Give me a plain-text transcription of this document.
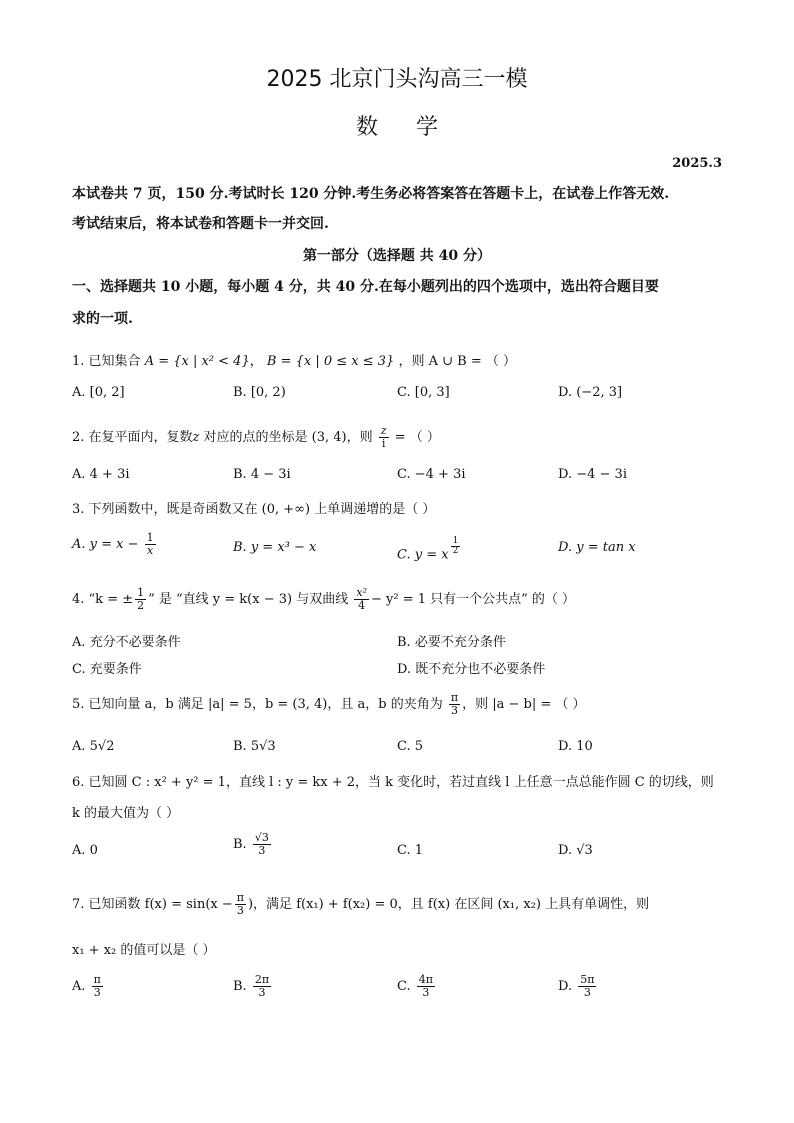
2025 北京门头沟高三一模
数学
2025.3
本试卷共 7 页，150 分.考试时长 120 分钟.考生务必将答案答在答题卡上，在试卷上作答无效.
考试结束后，将本试卷和答题卡一并交回.
第一部分（选择题 共 40 分）
一、选择题共 10 小题，每小题 4 分，共 40 分.在每小题列出的四个选项中，选出符合题目要
求的一项.
1. 已知集合 A = {x | x² < 4}， B = {x | 0 ≤ x ≤ 3} ，则 A ∪ B = （ ）
A. [0, 2]	B. [0, 2)	C. [0, 3]	D. (−2, 3]
2. 在复平面内，复数z 对应的点的坐标是 (3, 4)，则 $\frac{z}{i}$ = （ ）
A. 4 + 3i	B. 4 − 3i	C. −4 + 3i	D. −4 − 3i
3. 下列函数中，既是奇函数又在 (0, +∞) 上单调递增的是（ ）
A. $y = x - \frac{1}{x}$	B. y = x³ − x	C. y = x $\frac{1}{2}$	D. y = tan x
4. “k = ± $\frac{1}{2}$ ” 是 “直线 y = k(x − 3) 与双曲线 $\frac{\text{x²}}{4} - y^2 = 1$ 只有一个公共点” 的（ ）
A. 充分不必要条件	B. 必要不充分条件
C. 充要条件	D. 既不充分也不必要条件
5. 已知向量 a，b 满足 |a| = 5，b = (3, 4)，且 a，b 的夹角为 $\frac{\pi}{3}$ ，则 |a − b| = （ ）
A. 5√2	B. 5√3	C. 5	D. 10
6. 已知圆 C : x² + y² = 1，直线 l : y = kx + 2，当 k 变化时，若过直线 l 上任意一点总能作圆 C 的切线，则
k 的最大值为（ ）
A. 0	B. $\frac{√3}{3}$	C. 1	D. √3
7. 已知函数 $f(x) = \sin(x - \frac{\pi}{3}$ )，满足 f(x₁) + f(x₂) = 0，且 f(x) 在区间 (x₁, x₂) 上具有单调性，则
x₁ + x₂ 的值可以是（ ）
A. $\frac{\pi}{3}$	B. $\frac{2\pi}{3}$	C. $\frac{4\pi}{3}$	D. $\frac{5\pi}{3}$
